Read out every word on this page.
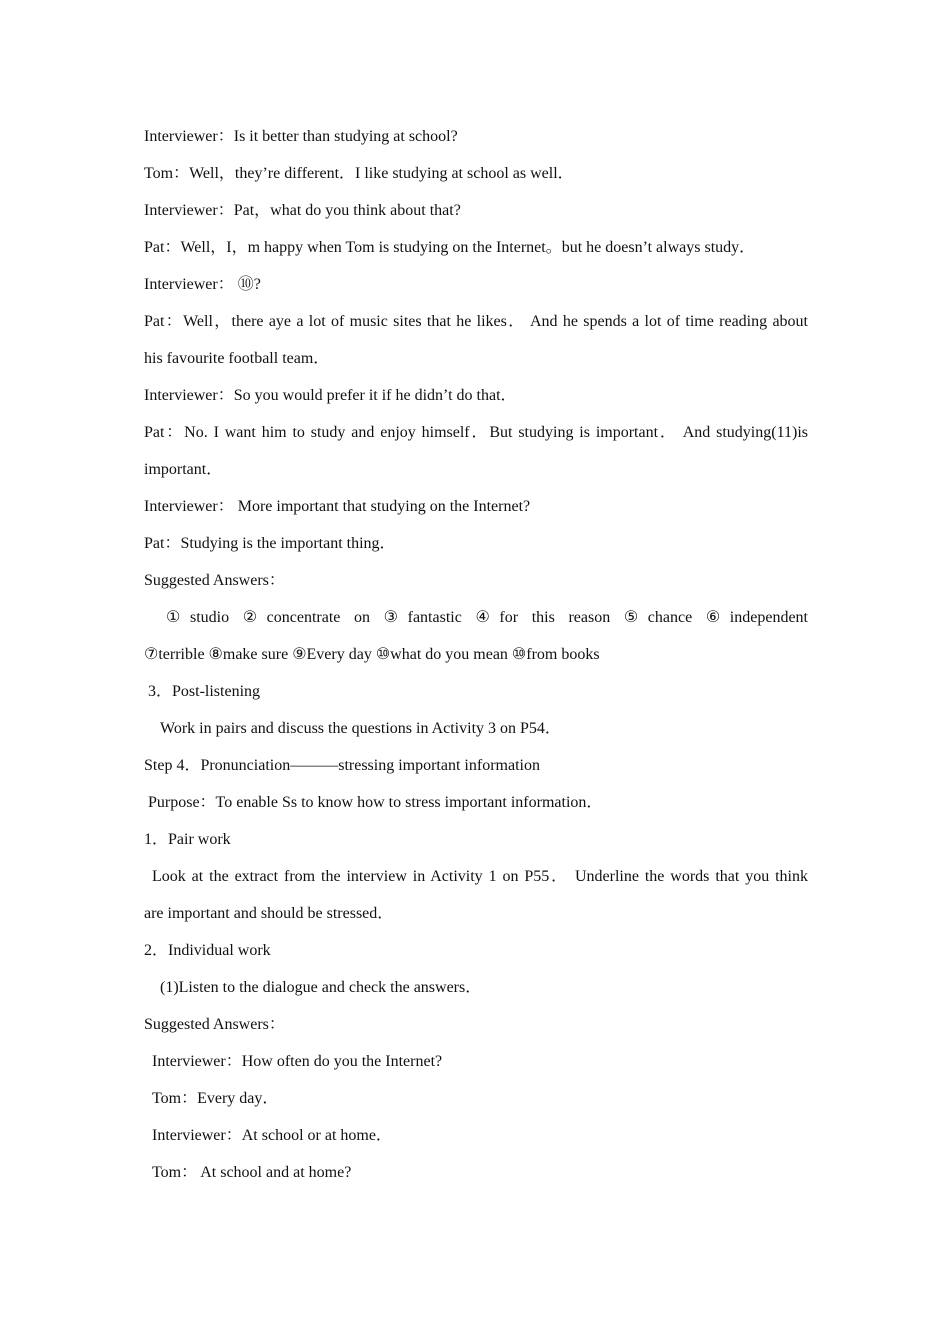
Interviewer：Is it better than studying at school?
Tom：Well，they’re different．I like studying at school as well．
Interviewer：Pat，what do you think about that?
Pat：Well，I，m happy when Tom is studying on the Internet。but he doesn’t always study．
Interviewer： ⑩?
Pat：Well，there aye a lot of music sites that he likes． And he spends a lot of time reading about
his favourite football team．
Interviewer：So you would prefer it if he didn’t do that．
Pat：No. I want him to study and enjoy himself．But studying is important． And studying(11)is
important．
Interviewer： More important that studying on the Internet?
Pat：Studying is the important thing．
Suggested Answers：
①studio ②concentrate on ③fantastic ④for this reason ⑤chance ⑥independent
⑦terrible ⑧make sure ⑨Every day ⑩what do you mean ⑩from books
3．Post-listening
Work in pairs and discuss the questions in Activity 3 on P54．
Step 4．Pronunciation———stressing important information
Purpose：To enable Ss to know how to stress important information．
1．Pair work
Look at the extract from the interview in Activity 1 on P55． Underline the words that you think
are important and should be stressed．
2．Individual work
(1)Listen to the dialogue and check the answers．
Suggested Answers：
Interviewer：How often do you the Internet?
Tom：Every day．
Interviewer：At school or at home．
Tom： At school and at home?
